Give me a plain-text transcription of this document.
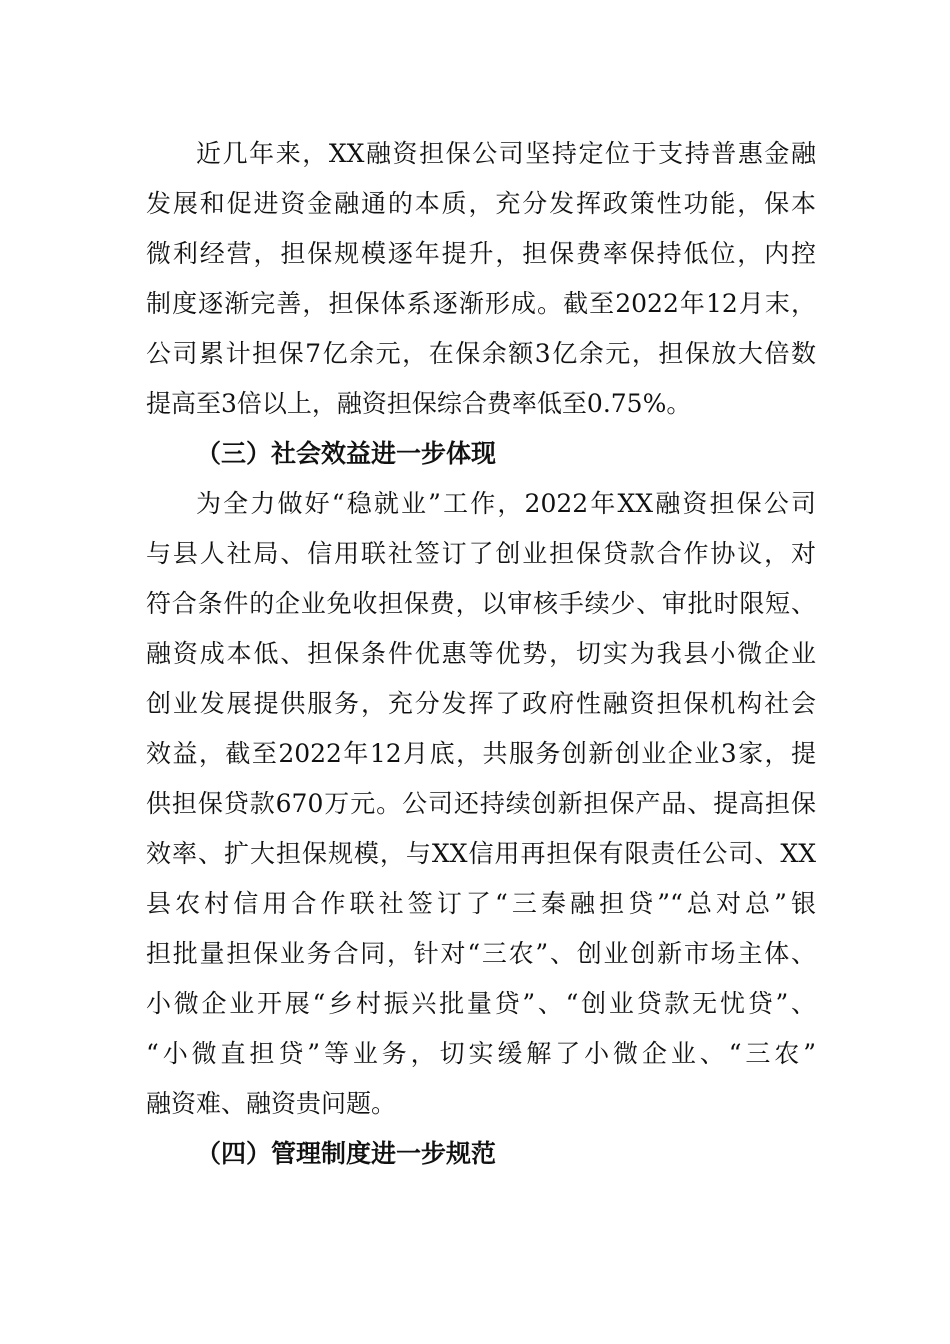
近几年来，XX融资担保公司坚持定位于支持普惠金融
发展和促进资金融通的本质，充分发挥政策性功能，保本
微利经营，担保规模逐年提升，担保费率保持低位，内控
制度逐渐完善，担保体系逐渐形成。截至2022年12月末，
公司累计担保7亿余元，在保余额3亿余元，担保放大倍数
提高至3倍以上，融资担保综合费率低至0.75%。
（三）社会效益进一步体现
为全力做好“稳就业”工作，2022年XX融资担保公司
与县人社局、信用联社签订了创业担保贷款合作协议，对
符合条件的企业免收担保费，以审核手续少、审批时限短、
融资成本低、担保条件优惠等优势，切实为我县小微企业
创业发展提供服务，充分发挥了政府性融资担保机构社会
效益，截至2022年12月底，共服务创新创业企业3家，提
供担保贷款670万元。公司还持续创新担保产品、提高担保
效率、扩大担保规模，与XX信用再担保有限责任公司、XX
县农村信用合作联社签订了“三秦融担贷”“总对总”银
担批量担保业务合同，针对“三农”、创业创新市场主体、
小微企业开展“乡村振兴批量贷”、“创业贷款无忧贷”、
“小微直担贷”等业务，切实缓解了小微企业、“三农”
融资难、融资贵问题。
（四）管理制度进一步规范
